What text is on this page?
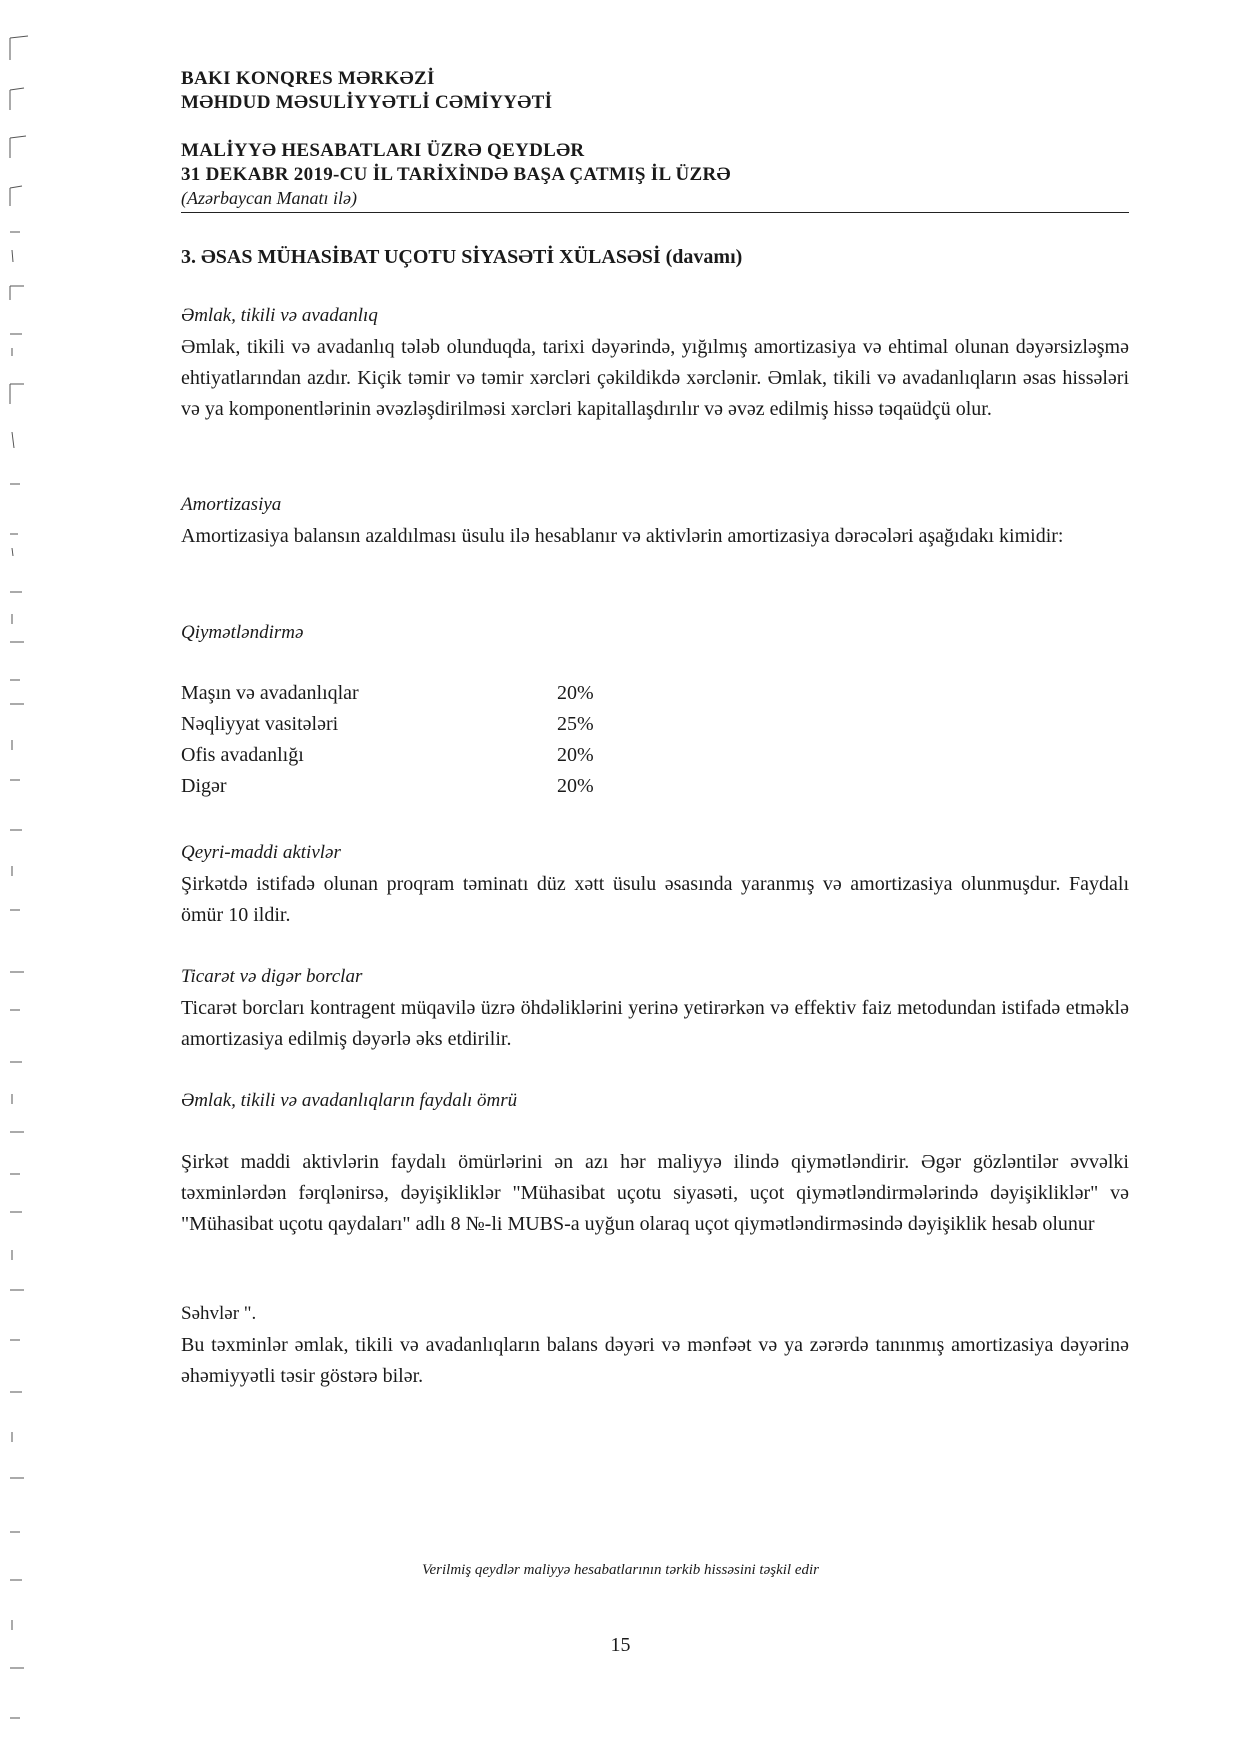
BAKI KONQRES MƏRKƏZİ
MƏHDUD MƏSULİYYƏTLİ CƏMİYYƏTİ
MALİYYƏ HESABATLARI ÜZRƏ QEYDLƏR
31 DEKABR 2019-CU İL TARİXİNDƏ BAŞA ÇATMIŞ İL ÜZRƏ
(Azərbaycan Manatı ilə)
3. ƏSAS MÜHASİBAT UÇOTU SİYASƏTİ XÜLASƏSİ (davamı)
Əmlak, tikili və avadanlıq
Əmlak, tikili və avadanlıq tələb olunduqda, tarixi dəyərində, yığılmış amortizasiya və ehtimal olunan dəyərsizləşmə ehtiyatlarından azdır. Kiçik təmir və təmir xərcləri çəkildikdə xərclənir. Əmlak, tikili və avadanlıqların əsas hissələri və ya komponentlərinin əvəzləşdirilməsi xərcləri kapitallaşdırılır və əvəz edilmiş hissə təqaüdçü olur.
Amortizasiya
Amortizasiya balansın azaldılması üsulu ilə hesablanır və aktivlərin amortizasiya dərəcələri aşağıdakı kimidir:
Qiymətləndirmə
Maşın və avadanlıqlar	20%
Nəqliyyat vasitələri	25%
Ofis avadanlığı	20%
Digər	20%
Qeyri-maddi aktivlər
Şirkətdə istifadə olunan proqram təminatı düz xətt üsulu əsasında yaranmış və amortizasiya olunmuşdur. Faydalı ömür 10 ildir.
Ticarət və digər borclar
Ticarət borcları kontragent müqavilə üzrə öhdəliklərini yerinə yetirərkən və effektiv faiz metodundan istifadə etməklə amortizasiya edilmiş dəyərlə əks etdirilir.
Əmlak, tikili və avadanlıqların faydalı ömrü
Şirkət maddi aktivlərin faydalı ömürlərini ən azı hər maliyyə ilində qiymətləndirir. Əgər gözləntilər əvvəlki təxminlərdən fərqlənirsə, dəyişikliklər "Mühasibat uçotu siyasəti, uçot qiymətləndirmələrində dəyişikliklər" və "Mühasibat uçotu qaydaları" adlı 8 №-li MUBS-a uyğun olaraq uçot qiymətləndirməsində dəyişiklik hesab olunur
Səhvlər ".
Bu təxminlər əmlak, tikili və avadanlıqların balans dəyəri və mənfəət və ya zərərdə tanınmış amortizasiya dəyərinə əhəmiyyətli təsir göstərə bilər.
Verilmiş qeydlər maliyyə hesabatlarının tərkib hissəsini təşkil edir
15
